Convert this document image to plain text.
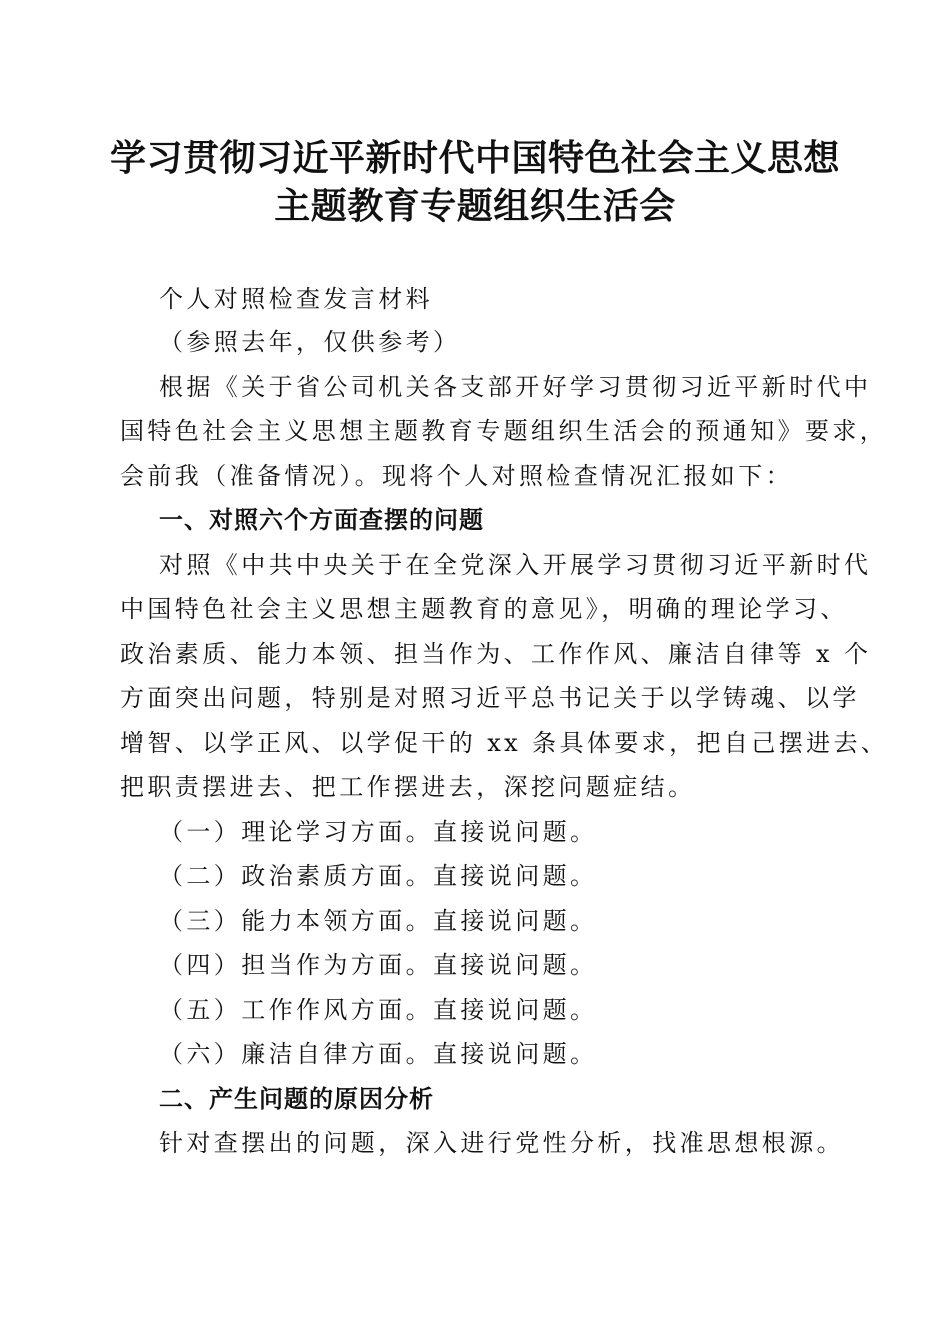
学习贯彻习近平新时代中国特色社会主义思想
主题教育专题组织生活会
个人对照检查发言材料
（参照去年，仅供参考）
根据《关于省公司机关各支部开好学习贯彻习近平新时代中
国特色社会主义思想主题教育专题组织生活会的预通知》要求，
会前我（准备情况）。现将个人对照检查情况汇报如下：
一、对照六个方面查摆的问题
对照《中共中央关于在全党深入开展学习贯彻习近平新时代
中国特色社会主义思想主题教育的意见》，明确的理论学习、
政治素质、能力本领、担当作为、工作作风、廉洁自律等 x 个
方面突出问题，特别是对照习近平总书记关于以学铸魂、以学
增智、以学正风、以学促干的 xx 条具体要求，把自己摆进去、
把职责摆进去、把工作摆进去，深挖问题症结。
（一）理论学习方面。直接说问题。
（二）政治素质方面。直接说问题。
（三）能力本领方面。直接说问题。
（四）担当作为方面。直接说问题。
（五）工作作风方面。直接说问题。
（六）廉洁自律方面。直接说问题。
二、产生问题的原因分析
针对查摆出的问题，深入进行党性分析，找准思想根源。
